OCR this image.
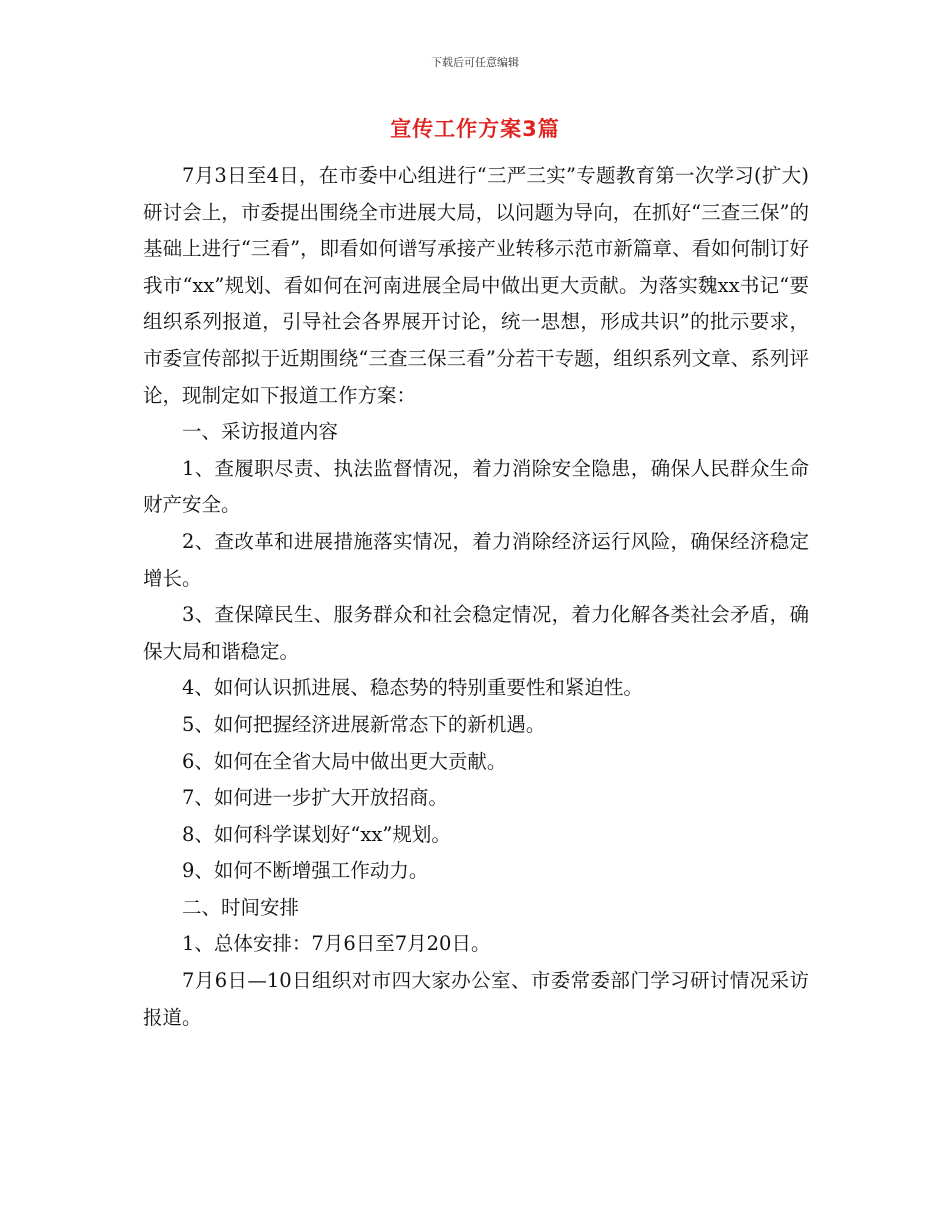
下载后可任意编辑
宣传工作方案3篇

7月3日至4日，在市委中心组进行“三严三实”专题教育第一次学习(扩大)研讨会上，市委提出围绕全市进展大局，以问题为导向，在抓好“三查三保”的基础上进行“三看”，即看如何谱写承接产业转移示范市新篇章、看如何制订好我市“xx”规划、看如何在河南进展全局中做出更大贡献。为落实魏xx书记“要组织系列报道，引导社会各界展开讨论，统一思想，形成共识”的批示要求，市委宣传部拟于近期围绕“三查三保三看”分若干专题，组织系列文章、系列评论，现制定如下报道工作方案：

一、采访报道内容

1、查履职尽责、执法监督情况，着力消除安全隐患，确保人民群众生命财产安全。

2、查改革和进展措施落实情况，着力消除经济运行风险，确保经济稳定增长。

3、查保障民生、服务群众和社会稳定情况，着力化解各类社会矛盾，确保大局和谐稳定。

4、如何认识抓进展、稳态势的特别重要性和紧迫性。

5、如何把握经济进展新常态下的新机遇。

6、如何在全省大局中做出更大贡献。

7、如何进一步扩大开放招商。

8、如何科学谋划好“xx”规划。

9、如何不断增强工作动力。

二、时间安排

1、总体安排：7月6日至7月20日。

7月6日—10日组织对市四大家办公室、市委常委部门学习研讨情况采访报道。
